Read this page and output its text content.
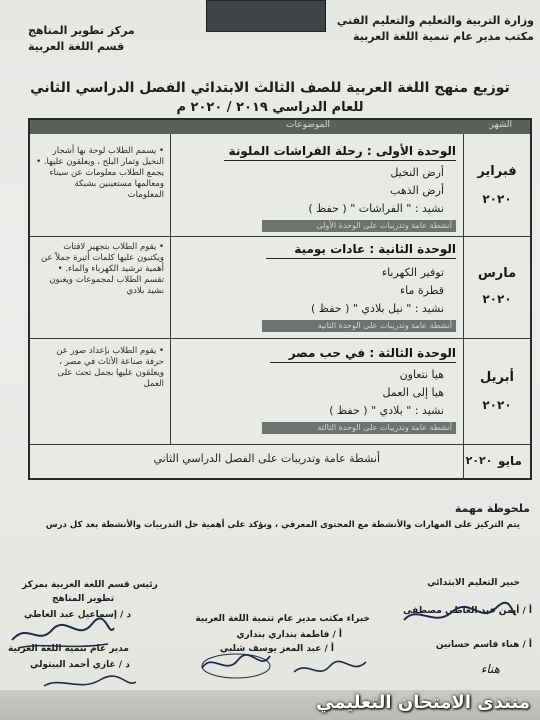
وزارة التربية والتعليم والتعليم الفني
مكتب مدير عام تنمية اللغة العربية
مركز تطوير المناهج
قسم اللغة العربية
توزيع منهج اللغة العربية للصف الثالث الابتدائي الفصل الدراسي الثاني
للعام الدراسي ٢٠١٩ / ٢٠٢٠ م
الشهر
الموضوعات
فبراير
٢٠٢٠
الوحدة الأولى : رحلة الفراشات الملونة
أرض النخيل
أرض الذهب
نشيد : " الفراشات " ( حفظ )
أنشطة عامة وتدريبات على الوحدة الأولى
• يسمم الطلاب لوحة بها أشجار النخيل وثمار البلح ، ويعلقون عليها. • يجمع الطلاب معلومات عن سيناء ومعالمها مستعينين بشبكة المعلومات
مارس
٢٠٢٠
الوحدة الثانية : عادات يومية
توفير الكهرباء
قطرة ماء
نشيد : " نيل بلادي " ( حفظ )
أنشطة عامة وتدريبات على الوحدة الثانية
• يقوم الطلاب بتجهيز لافتات ويكتبون عليها كلمات أثيرة جملاً عن أهمية ترشيد الكهرباء والماء. • تقسم الطلاب لمجموعات ويغنون نشيد بلادي
أبريل
٢٠٢٠
الوحدة الثالثة : في حب مصر
هيا نتعاون
هيا إلى العمل
نشيد : " بلادي " ( حفظ )
أنشطة عامة وتدريبات على الوحدة الثالثة
• يقوم الطلاب بإعداد صور عن حرفة صناعة الأثاث في مصر ، ويعلقون عليها بجمل تحث على العمل
مايو
٢٠٢٠
أنشطة عامة وتدريبات على الفصل الدراسي الثاني
ملحوظة مهمة
يتم التركيز على المهارات والأنشطة مع المحتوى المعرفي ، ونؤكد على أهمية حل التدريبات والأنشطة بعد كل درس
خبير التعليم الابتدائي
أ / أيمن عبد العاطي مصطفى
أ / هناء قاسم حسانين
هناء
خبراء مكتب مدير عام تنمية اللغة العربية
أ / فاطمة بنداري بنداري
أ / عبد المعز يوسف شلبي
رئيس قسم اللغة العربية بمركز
تطوير المناهج
د / إسماعيل عبد العاطي
مدير عام تنمية اللغة العربية
د / غازي أحمد البيتولي
منتدى الامتحان التعليمي
